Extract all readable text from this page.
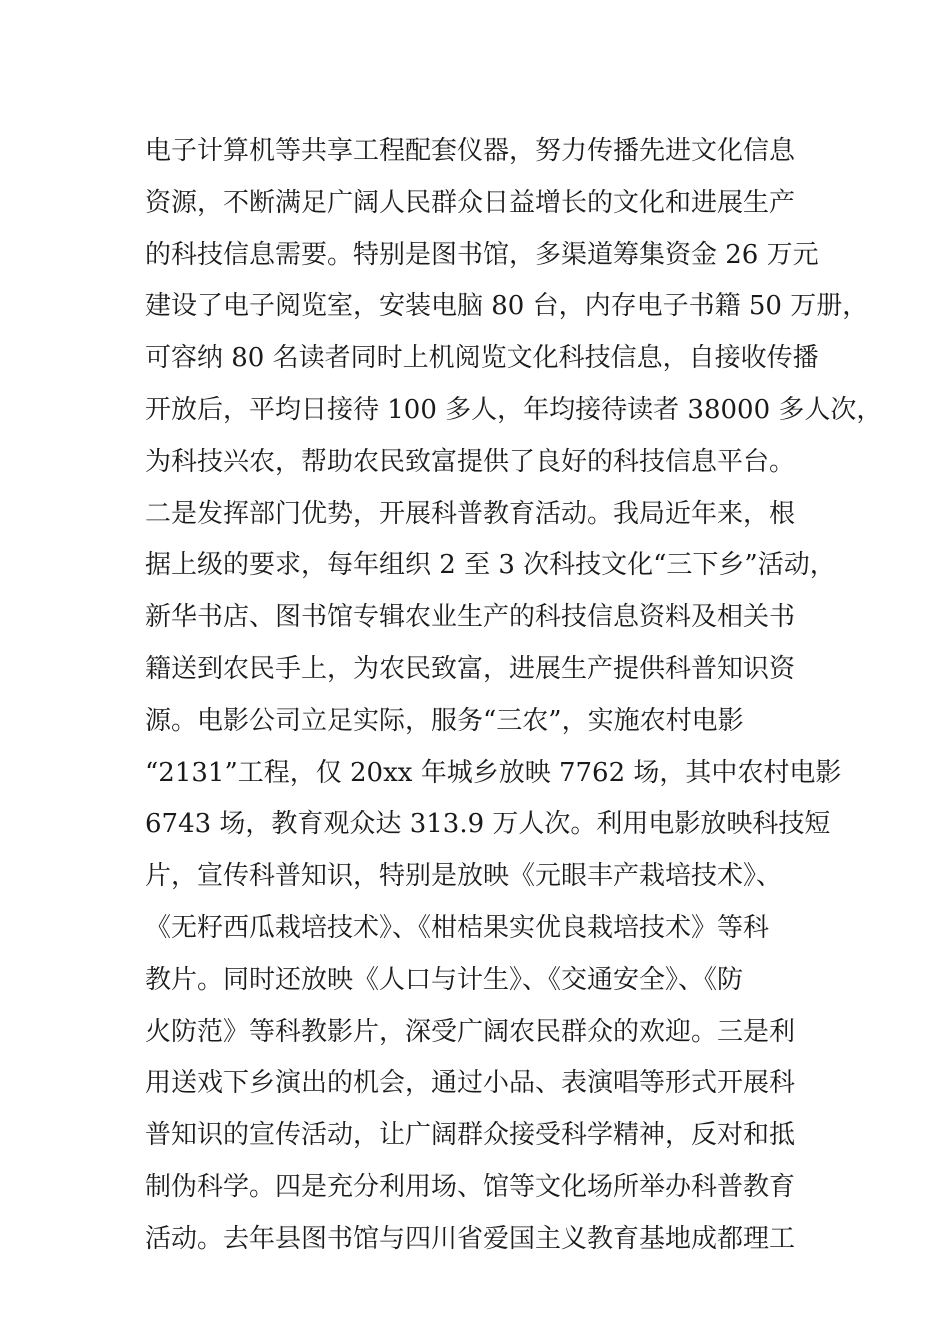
电子计算机等共享工程配套仪器，努力传播先进文化信息
资源，不断满足广阔人民群众日益增长的文化和进展生产
的科技信息需要。特别是图书馆，多渠道筹集资金 26 万元
建设了电子阅览室，安装电脑 80 台，内存电子书籍 50 万册，
可容纳 80 名读者同时上机阅览文化科技信息，自接收传播
开放后，平均日接待 100 多人，年均接待读者 38000 多人次，
为科技兴农，帮助农民致富提供了良好的科技信息平台。
二是发挥部门优势，开展科普教育活动。我局近年来，根
据上级的要求，每年组织 2 至 3 次科技文化“三下乡”活动，
新华书店、图书馆专辑农业生产的科技信息资料及相关书
籍送到农民手上，为农民致富，进展生产提供科普知识资
源。电影公司立足实际，服务“三农”，实施农村电影
“2131”工程，仅 20xx 年城乡放映 7762 场，其中农村电影
6743 场，教育观众达 313.9 万人次。利用电影放映科技短
片，宣传科普知识，特别是放映《元眼丰产栽培技术》、
《无籽西瓜栽培技术》、《柑桔果实优良栽培技术》等科
教片。同时还放映《人口与计生》、《交通安全》、《防
火防范》等科教影片，深受广阔农民群众的欢迎。三是利
用送戏下乡演出的机会，通过小品、表演唱等形式开展科
普知识的宣传活动，让广阔群众接受科学精神，反对和抵
制伪科学。四是充分利用场、馆等文化场所举办科普教育
活动。去年县图书馆与四川省爱国主义教育基地成都理工
